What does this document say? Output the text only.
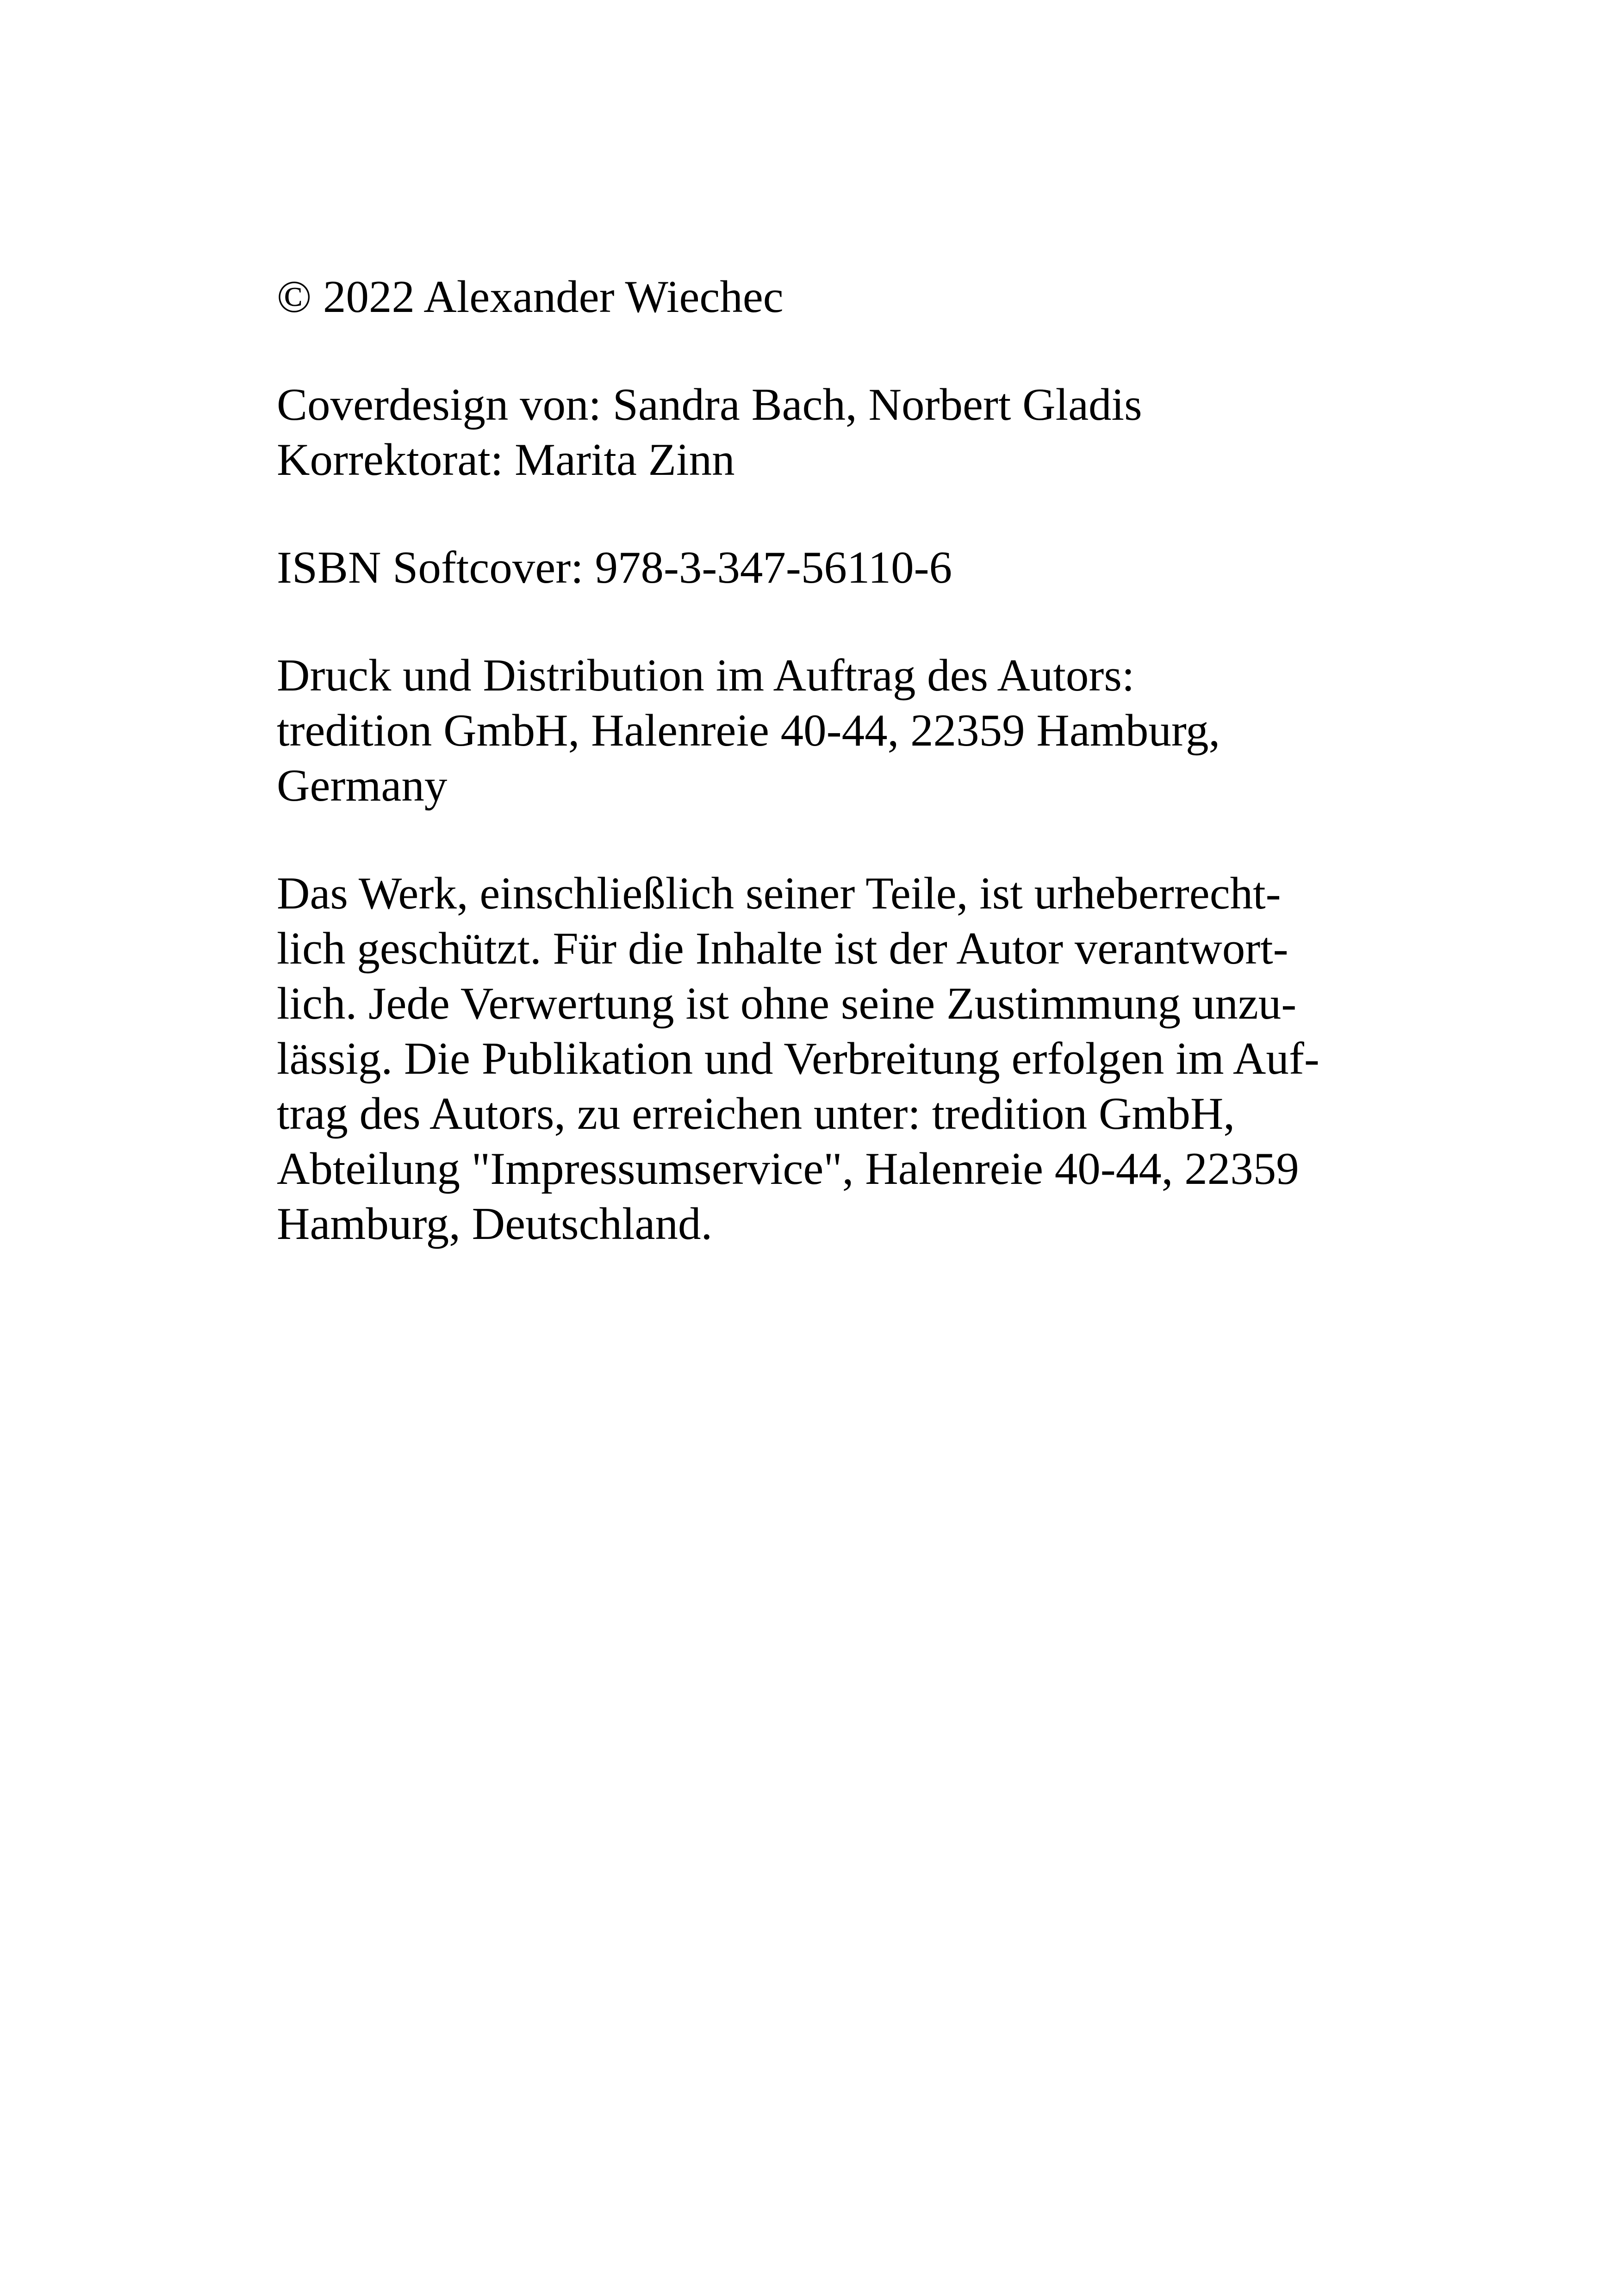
© 2022 Alexander Wiechec

Coverdesign von: Sandra Bach, Norbert Gladis
Korrektorat: Marita Zinn

ISBN Softcover: 978-3-347-56110-6

Druck und Distribution im Auftrag des Autors:
tredition GmbH, Halenreie 40-44, 22359 Hamburg,
Germany

Das Werk, einschließlich seiner Teile, ist urheberrecht-
lich geschützt. Für die Inhalte ist der Autor verantwort-
lich. Jede Verwertung ist ohne seine Zustimmung unzu-
lässig. Die Publikation und Verbreitung erfolgen im Auf-
trag des Autors, zu erreichen unter: tredition GmbH,
Abteilung "Impressumservice", Halenreie 40-44, 22359
Hamburg, Deutschland.
